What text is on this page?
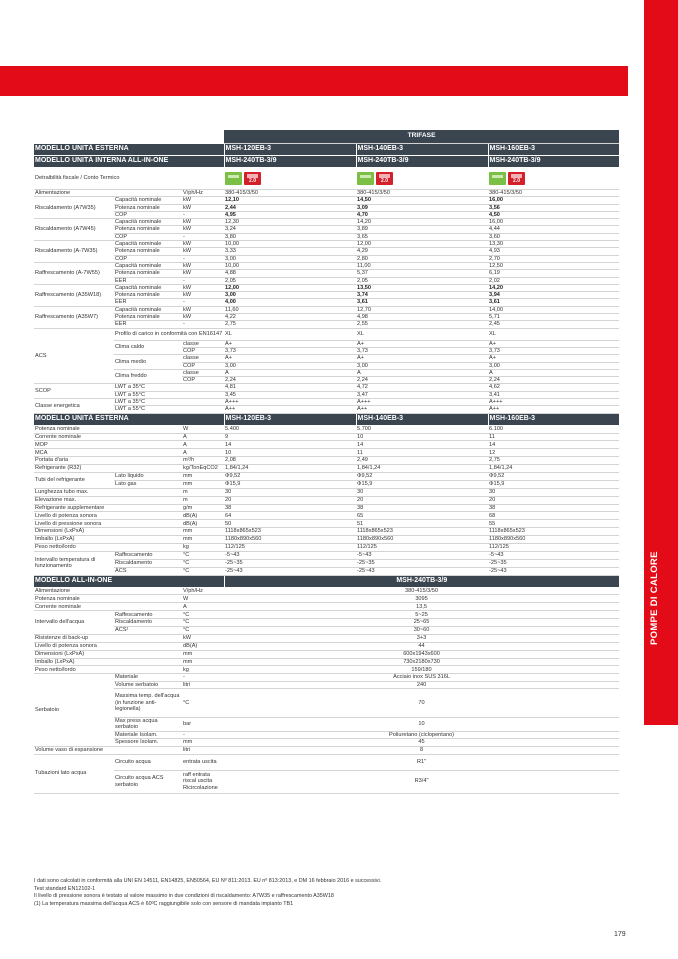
POMPE DI CALORE
			TRIFASE		
MODELLO UNITÀ ESTERNA			MSH-120EB-3	MSH-140EB-3	MSH-160EB-3
MODELLO UNITÀ INTERNA ALL-IN-ONE			MSH-240TB-3/9	MSH-240TB-3/9	MSH-240TB-3/9
Detraibilità fiscale / Conto Termico	
2.0

2.0

2.0

Alimentazione		V/ph/Hz	380-415/3/50	380-415/3/50	380-415/3/50
Riscaldamento (A7W35)	Capacità nominale	kW	12,10	14,50	16,00
	Potenza nominale	kW	2,44	3,09	3,56
	COP	-	4,95	4,70	4,50
Riscaldamento (A7W45)	Capacità nominale	kW	12,30	14,20	16,00
	Potenza nominale	kW	3,24	3,89	4,44
	COP	-	3,80	3,65	3,60
Riscaldamento (A-7W35)	Capacità nominale	kW	10,00	12,00	13,30
	Potenza nominale	kW	3,33	4,29	4,93
	COP	-	3,00	2,80	2,70
Raffrescamento (A-7W55)	Capacità nominale	kW	10,00	11,00	12,50
	Potenza nominale	kW	4,88	5,37	6,19
	EER	-	2,05	2,05	2,02
Raffrescamento (A35W18)	Capacità nominale	kW	12,00	13,50	14,20
	Potenza nominale	kW	3,00	3,74	3,94
	EER	-	4,00	3,61	3,61
Raffrescamento (A35W7)	Capacità nominale	kW	11,60	12,70	14,00
	Potenza nominale	kW	4,22	4,98	5,71
	EER	-	2,75	2,55	2,45
ACS	Profilo di carico in conformità con EN16147		XL	XL	XL
	Clima caldo	classe	A+	A+	A+
		COP	3,73	3,73	3,73
	Clima medio	classe	A+	A+	A+
		COP	3,00	3,00	3,00
	Clima freddo	classe	A	A	A
		COP	2,24	2,24	2,24
SCOP	LWT a 35°C		4,81	4,72	4,62
	LWT a 55°C		3,45	3,47	3,41
Classe energetica	LWT a 35°C		A+++	A+++	A+++
	LWT a 55°C		A++	A++	A++
MODELLO UNITÀ ESTERNA			MSH-120EB-3	MSH-140EB-3	MSH-160EB-3
Potenza nominale		W	5.400	5.700	6.100
Corrente nominale		A	9	10	11
MOP		A	14	14	14
MCA		A	10	11	12
Portata d'aria		m³/h	2,08	2,49	2,75
Refrigerante (R32)		kg/TonEqCO2	1,84/1,24	1,84/1,24	1,84/1,24
Tubi del refrigerante	Lato liquido	mm	Φ9,52	Φ9,52	Φ9,52
	Lato gas	mm	Φ15,9	Φ15,9	Φ15,9
Lunghezza tubo max.		m	30	30	30
Elevazione max.		m	20	20	20
Refrigerante supplementare		g/m	38	38	38
Livello di potenza sonora		dB(A)	64	65	68
Livello di pressione sonora		dB(A)	50	51	55
Dimensioni (LxPxA)		mm	1118x865x523	1118x865x523	1118x865x523
Imballo (LxPxA)		mm	1180x890x560	1180x890x560	1180x890x560
Peso netto/lordo		kg	112/125	112/125	112/125
Intervallo temperatura di funzionamento	Raffescamento	°C	-5~43	-5~43	-5~43
	Riscaldamento	°C	-25~35	-25~35	-25~35
	ACS	°C	-25~43	-25~43	-25~43
MODELLO ALL-IN-ONE			MSH-240TB-3/9		
Alimentazione		V/ph/Hz	380-415/3/50		
Potenza nominale		W	3095		
Corrente nominale		A	13,5		
Intervallo dell'acqua	Raffescamento	°C	5~25		
	Riscaldamento	°C	25~65		
	ACS¹	°C	30~60		
Risistenze di back-up		kW	3+3		
Livello di potenza sonora		dB(A)	44		
Dimensioni (LxPxA)		mm	600x1943x600		
Imballo (LxPxA)		mm	730x2180x730		
Peso netto/lordo		kg	159/180		
Serbatoio	Materiale	-	Acciaio inox SUS 316L		
	Volume serbatoio	litri	240		
	Massima temp. dell'acqua (in funzione anti-legionella)	°C	70		
	Max press acqua serbatoio	bar	10		
	Materiale Isolam.	-	Poliuretano (ciclopentano)		
	Spessore Isolam.	mm	45		
Volume vaso di espansione		litri	8		
Tubazioni lato acqua	Circuito acqua	entrata uscita	R1"		
	Circuito acqua ACS serbatoio	raff entrata riscal uscita Ricircolazione	R3/4"		
I dati sono calcolati in conformità alla UNI EN 14511, EN14825, EN50564, EU Nº 811:2013. EU nº 813:2013, e DM 16 febbraio 2016 e successivi.
Test standard EN12102-1
Il livello di pressione sonora è testato al valore massimo in due condizioni di riscaldamento: A7W35 e raffrescamento A35W18
(1) La temperatura massima dell'acqua ACS è 60ºC raggiungibile solo con sensore di mandata impianto TB1
179
